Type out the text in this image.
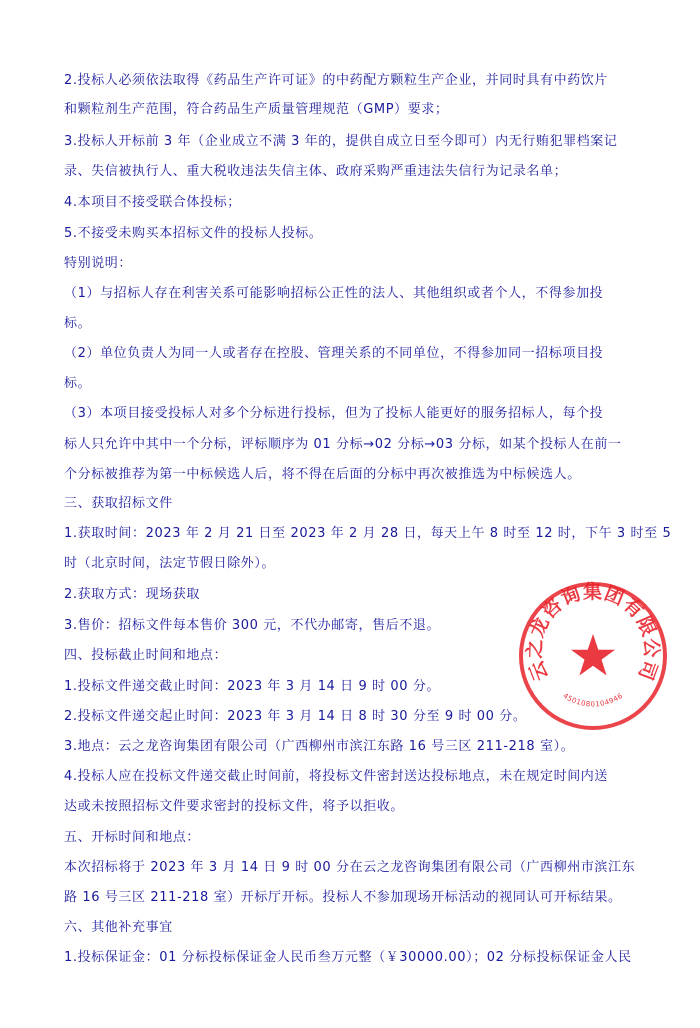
2.投标人必须依法取得《药品生产许可证》的中药配方颗粒生产企业，并同时具有中药饮片
和颗粒剂生产范围，符合药品生产质量管理规范（GMP）要求；
3.投标人开标前 3 年（企业成立不满 3 年的，提供自成立日至今即可）内无行贿犯罪档案记
录、失信被执行人、重大税收违法失信主体、政府采购严重违法失信行为记录名单；
4.本项目不接受联合体投标；
5.不接受未购买本招标文件的投标人投标。
特别说明：
（1）与招标人存在利害关系可能影响招标公正性的法人、其他组织或者个人，不得参加投
标。
（2）单位负责人为同一人或者存在控股、管理关系的不同单位，不得参加同一招标项目投
标。
（3）本项目接受投标人对多个分标进行投标，但为了投标人能更好的服务招标人，每个投
标人只允许中其中一个分标，评标顺序为 01 分标→02 分标→03 分标，如某个投标人在前一
个分标被推荐为第一中标候选人后，将不得在后面的分标中再次被推选为中标候选人。
三、获取招标文件
1.获取时间：2023 年 2 月 21 日至 2023 年 2 月 28 日，每天上午 8 时至 12 时，下午 3 时至 5
时（北京时间，法定节假日除外）。
2.获取方式：现场获取
3.售价：招标文件每本售价 300 元，不代办邮寄，售后不退。
四、投标截止时间和地点：
1.投标文件递交截止时间：2023 年 3 月 14 日 9 时 00 分。
2.投标文件递交起止时间：2023 年 3 月 14 日 8 时 30 分至 9 时 00 分。
3.地点：云之龙咨询集团有限公司（广西柳州市滨江东路 16 号三区 211-218 室）。
4.投标人应在投标文件递交截止时间前，将投标文件密封送达投标地点，未在规定时间内送
达或未按照招标文件要求密封的投标文件，将予以拒收。
五、开标时间和地点：
本次招标将于 2023 年 3 月 14 日 9 时 00 分在云之龙咨询集团有限公司（广西柳州市滨江东
路 16 号三区 211-218 室）开标厅开标。投标人不参加现场开标活动的视同认可开标结果。
六、其他补充事宜
1.投标保证金：01 分标投标保证金人民币叁万元整（￥30000.00）；02 分标投标保证金人民
云之龙咨询集团有限公司
4501080104946
